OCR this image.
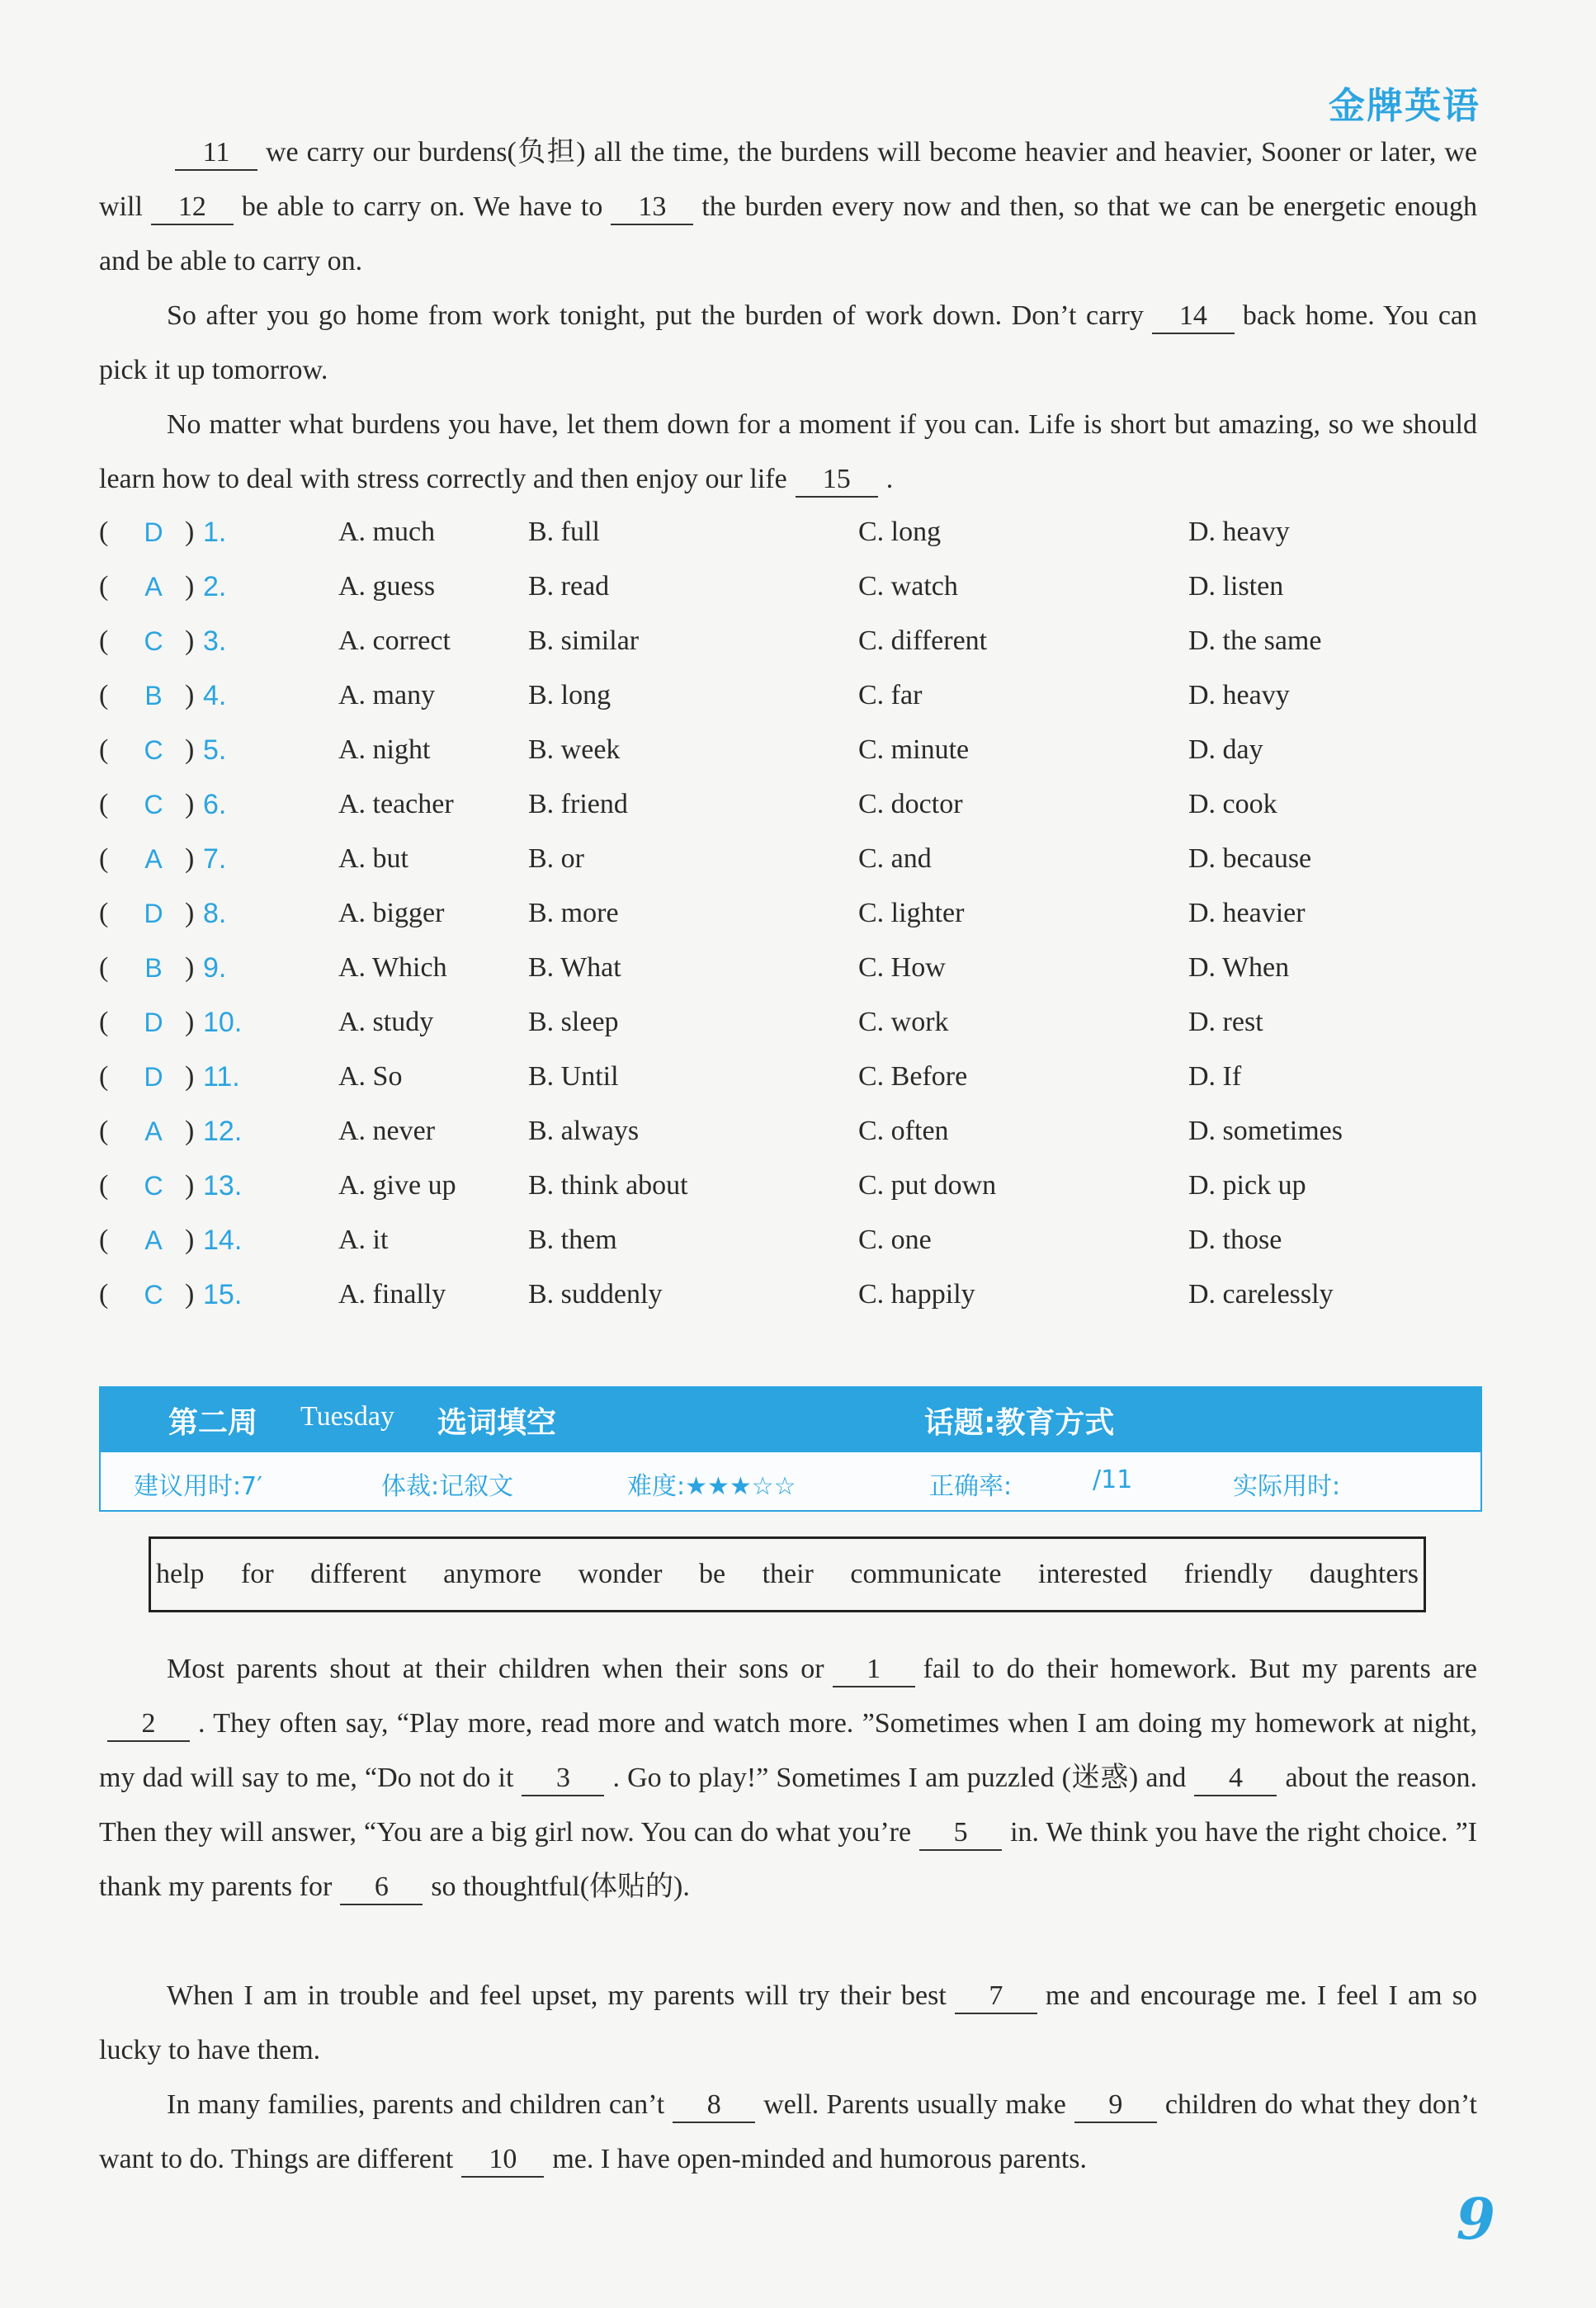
金牌英语
11 we carry our burdens(负担) all the time, the burdens will become heavier and heavier, Sooner or later, we will 12 be able to carry on. We have to 13 the burden every now and then, so that we can be energetic enough and be able to carry on.
So after you go home from work tonight, put the burden of work down. Don’t carry 14 back home. You can pick it up tomorrow.
No matter what burdens you have, let them down for a moment if you can. Life is short but amazing, so we should learn how to deal with stress correctly and then enjoy our life 15 .
( D ) 1.	A. much	B. full	C. long	D. heavy
( A ) 2.	A. guess	B. read	C. watch	D. listen
( C ) 3.	A. correct	B. similar	C. different	D. the same
( B ) 4.	A. many	B. long	C. far	D. heavy
( C ) 5.	A. night	B. week	C. minute	D. day
( C ) 6.	A. teacher	B. friend	C. doctor	D. cook
( A ) 7.	A. but	B. or	C. and	D. because
( D ) 8.	A. bigger	B. more	C. lighter	D. heavier
( B ) 9.	A. Which	B. What	C. How	D. When
( D ) 10.	A. study	B. sleep	C. work	D. rest
( D ) 11.	A. So	B. Until	C. Before	D. If
( A ) 12.	A. never	B. always	C. often	D. sometimes
( C ) 13.	A. give up	B. think about	C. put down	D. pick up
( A ) 14.	A. it	B. them	C. one	D. those
( C ) 15.	A. finally	B. suddenly	C. happily	D. carelessly
第二周 Tuesday 选词填空	话题:教育方式
建议用时:7′	体裁:记叙文	难度:★★★☆☆	正确率:	/11	实际用时:
help for different anymore wonder be their communicate interested friendly daughters
Most parents shout at their children when their sons or 1 fail to do their homework. But my parents are2 . They often say, “Play more, read more and watch more. ”Sometimes when I am doing my homework at night, my dad will say to me, “Do not do it 3 . Go to play!” Sometimes I am puzzled (迷惑) and 4 about the reason. Then they will answer, “You are a big girl now. You can do what you’re 5 in. We think you have the right choice. ”I thank my parents for 6 so thoughtful(体贴的).
When I am in trouble and feel upset, my parents will try their best 7 me and encourage me. I feel I am so lucky to have them.
In many families, parents and children can’t 8 well. Parents usually make 9 children do what they don’t want to do. Things are different 10 me. I have open-minded and humorous parents.
9
